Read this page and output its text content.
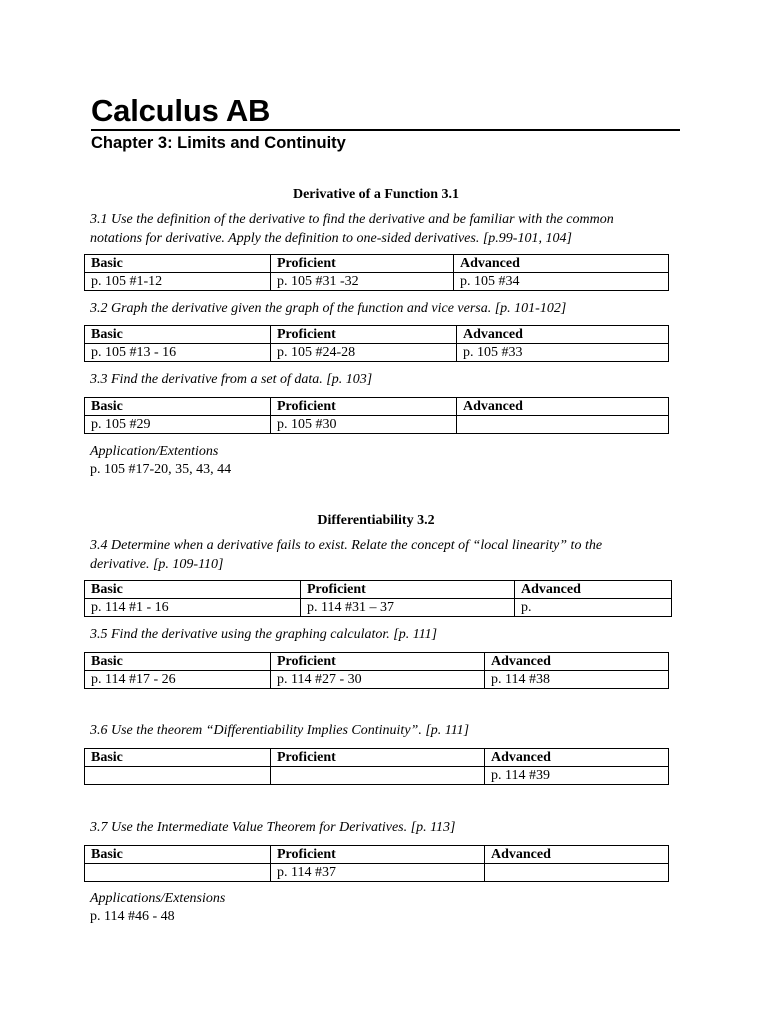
Calculus AB
Chapter 3: Limits and Continuity
Derivative of a Function 3.1
3.1 Use the definition of the derivative to find the derivative and be familiar with the common
notations for derivative. Apply the definition to one-sided derivatives. [p.99-101, 104]
Basic	Proficient	Advanced
p. 105 #1-12	p. 105 #31 -32	p. 105 #34
3.2 Graph the derivative given the graph of the function and vice versa. [p. 101-102]
Basic	Proficient	Advanced
p. 105 #13 - 16	p. 105 #24-28	p. 105 #33
3.3 Find the derivative from a set of data. [p. 103]
Basic	Proficient	Advanced
p. 105 #29	p. 105 #30	
Application/Extentions
p. 105 #17-20, 35, 43, 44
Differentiability 3.2
3.4 Determine when a derivative fails to exist. Relate the concept of “local linearity” to the
derivative. [p. 109-110]
Basic	Proficient	Advanced
p. 114 #1 - 16	p. 114 #31 – 37	p.
3.5 Find the derivative using the graphing calculator. [p. 111]
Basic	Proficient	Advanced
p. 114 #17 - 26	p. 114 #27 - 30	p. 114 #38
3.6 Use the theorem “Differentiability Implies Continuity”. [p. 111]
Basic	Proficient	Advanced
		p. 114 #39
3.7 Use the Intermediate Value Theorem for Derivatives. [p. 113]
Basic	Proficient	Advanced
	p. 114 #37	
Applications/Extensions
p. 114 #46 - 48
